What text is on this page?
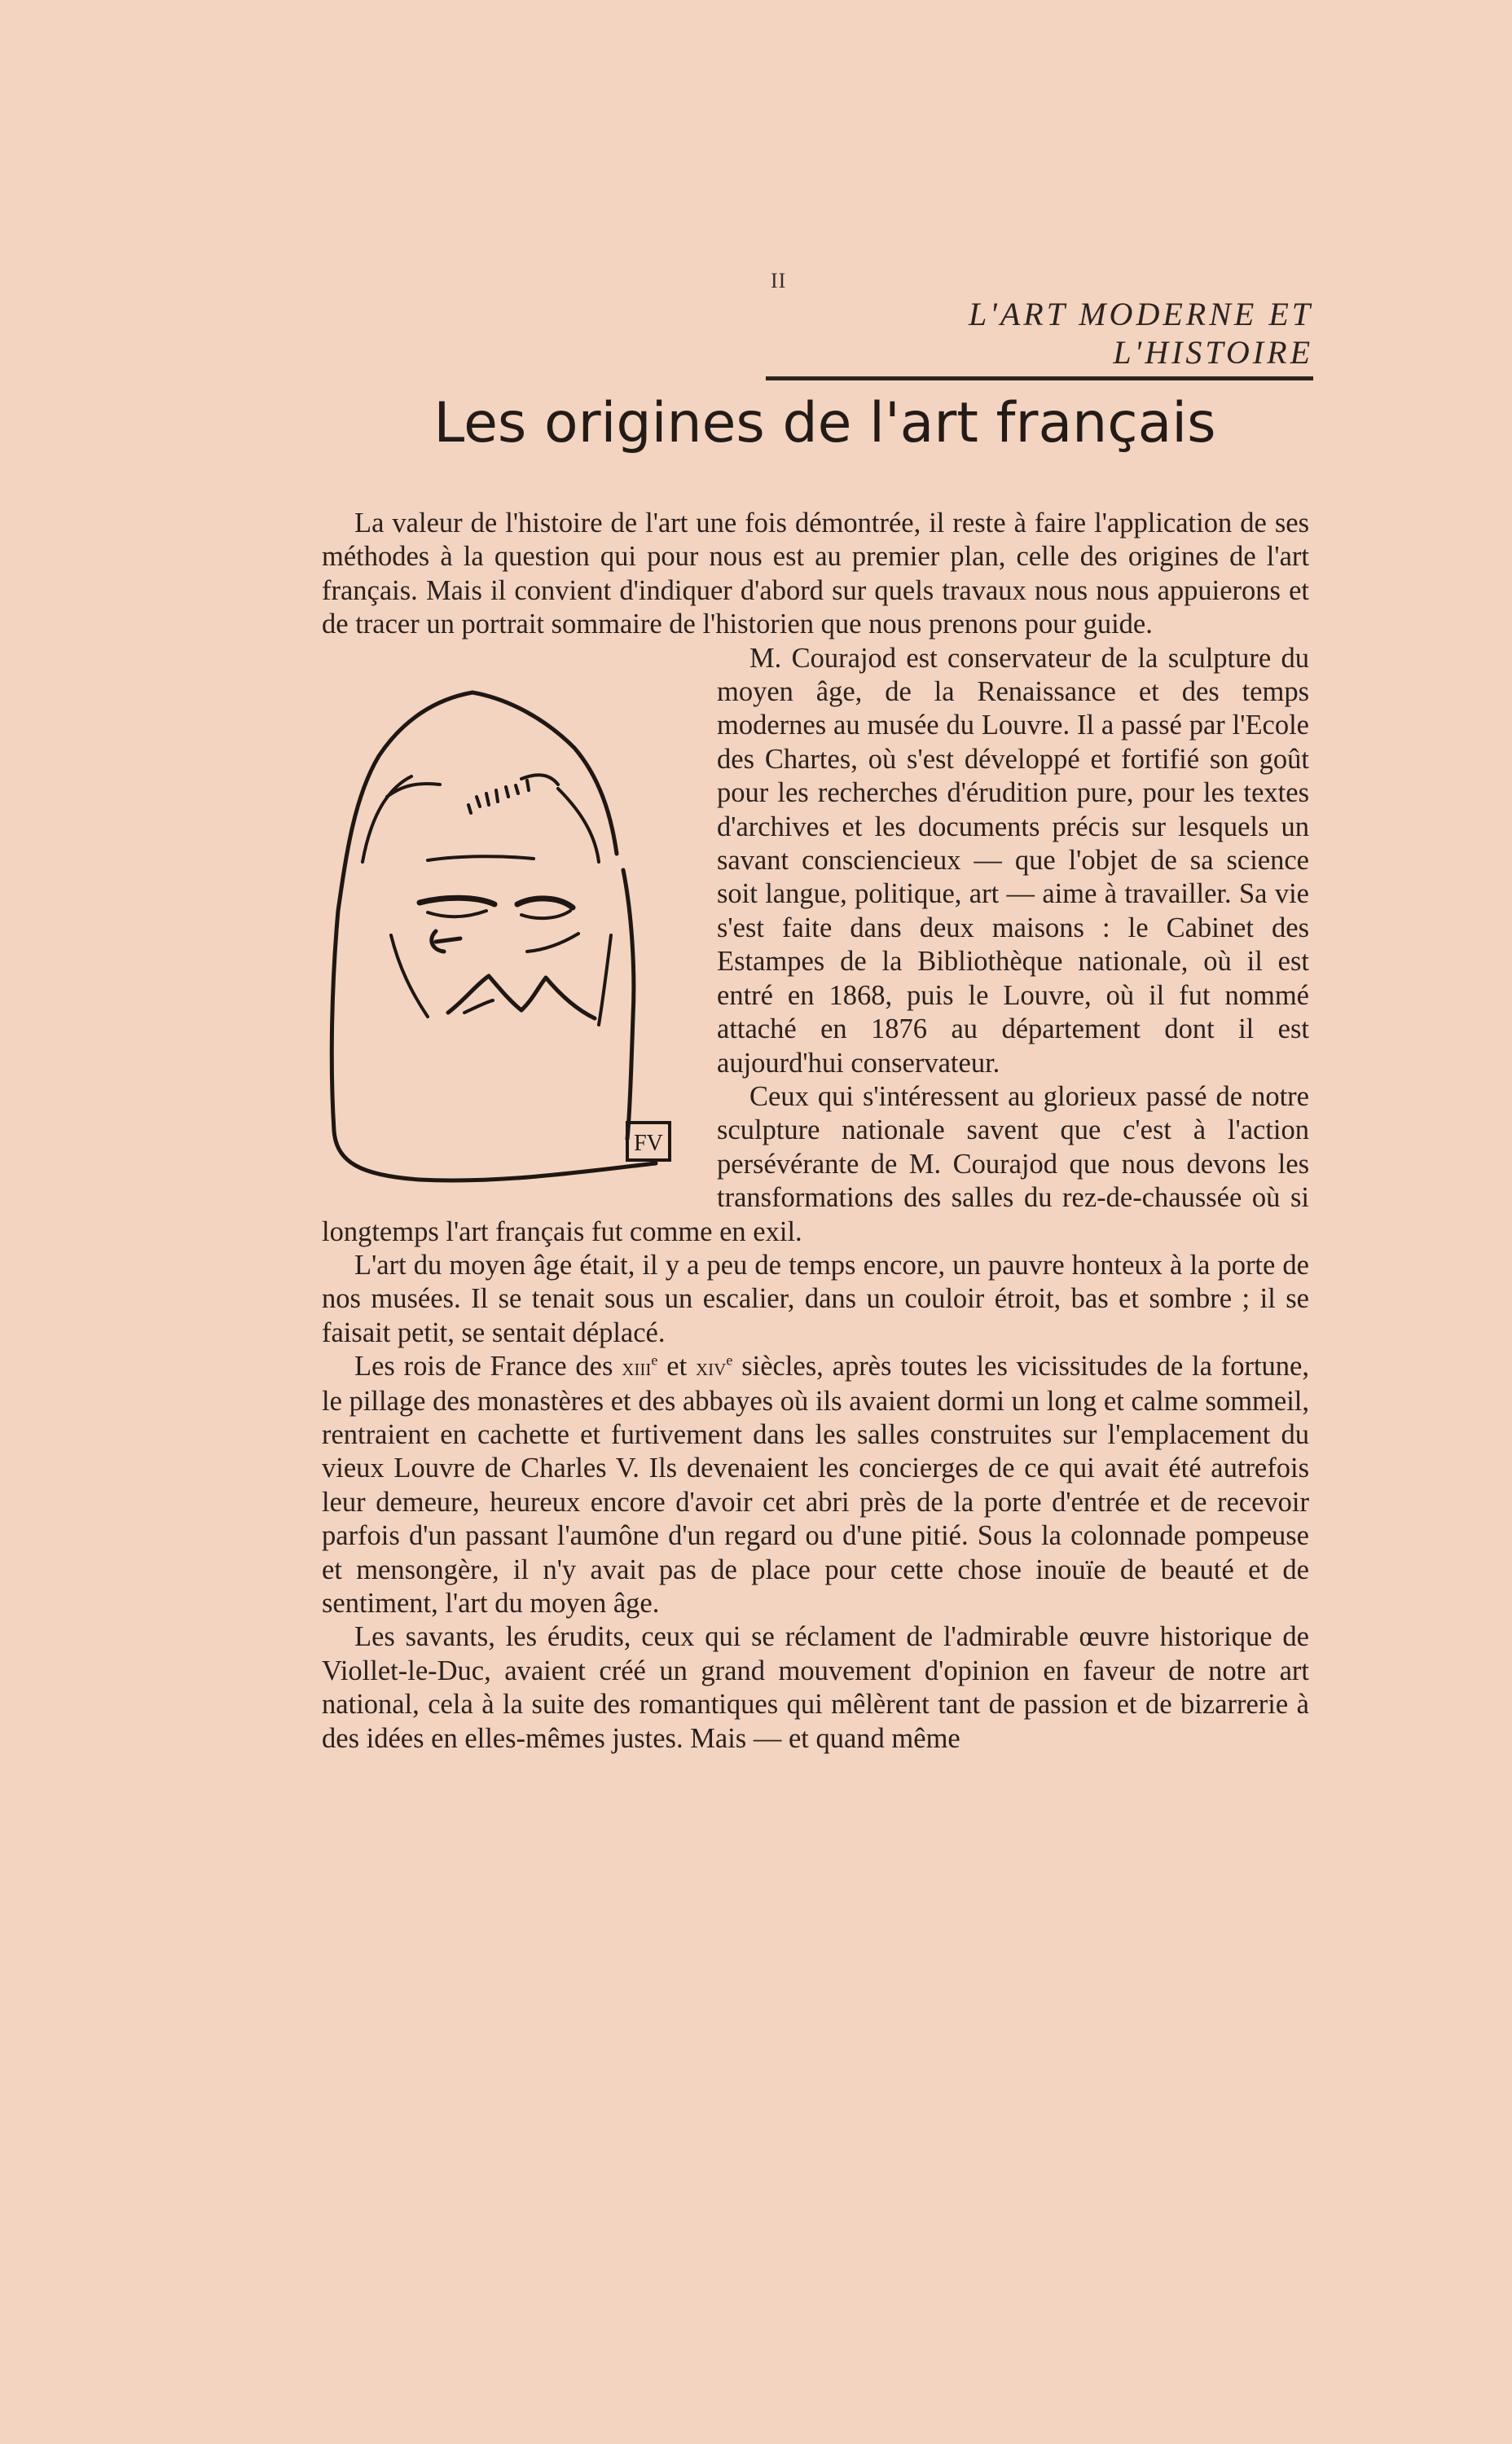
II
L'ART MODERNE ET L'HISTOIRE
Les origines de l'art français

La valeur de l'histoire de l'art une fois démontrée, il reste à faire l'application de ses méthodes à la question qui pour nous est au premier plan, celle des origines de l'art français. Mais il convient d'indiquer d'abord sur quels travaux nous nous appuierons et de tracer un portrait sommaire de l'historien que nous prenons pour guide.

FV

M. Courajod est conservateur de la sculpture du moyen âge, de la Renaissance et des temps modernes au musée du Louvre. Il a passé par l'Ecole des Chartes, où s'est développé et fortifié son goût pour les recherches d'érudition pure, pour les textes d'archives et les documents précis sur lesquels un savant consciencieux — que l'objet de sa science soit langue, politique, art — aime à travailler. Sa vie s'est faite dans deux maisons : le Cabinet des Estampes de la Bibliothèque nationale, où il est entré en 1868, puis le Louvre, où il fut nommé attaché en 1876 au département dont il est aujourd'hui conservateur.

Ceux qui s'intéressent au glorieux passé de notre sculpture nationale savent que c'est à l'action persévérante de M. Courajod que nous devons les transformations des salles du rez-de-chaussée où si longtemps l'art français fut comme en exil.

L'art du moyen âge était, il y a peu de temps encore, un pauvre honteux à la porte de nos musées. Il se tenait sous un escalier, dans un couloir étroit, bas et sombre ; il se faisait petit, se sentait déplacé.

Les rois de France des xiii$^e$ et xiv$^e$ siècles, après toutes les vicissitudes de la fortune, le pillage des monastères et des abbayes où ils avaient dormi un long et calme sommeil, rentraient en cachette et furtivement dans les salles construites sur l'emplacement du vieux Louvre de Charles V. Ils devenaient les concierges de ce qui avait été autrefois leur demeure, heureux encore d'avoir cet abri près de la porte d'entrée et de recevoir parfois d'un passant l'aumône d'un regard ou d'une pitié. Sous la colonnade pompeuse et mensongère, il n'y avait pas de place pour cette chose inouïe de beauté et de sentiment, l'art du moyen âge.

Les savants, les érudits, ceux qui se réclament de l'admirable œuvre historique de Viollet-le-Duc, avaient créé un grand mouvement d'opinion en faveur de notre art national, cela à la suite des romantiques qui mêlèrent tant de passion et de bizarrerie à des idées en elles-mêmes justes. Mais — et quand même
